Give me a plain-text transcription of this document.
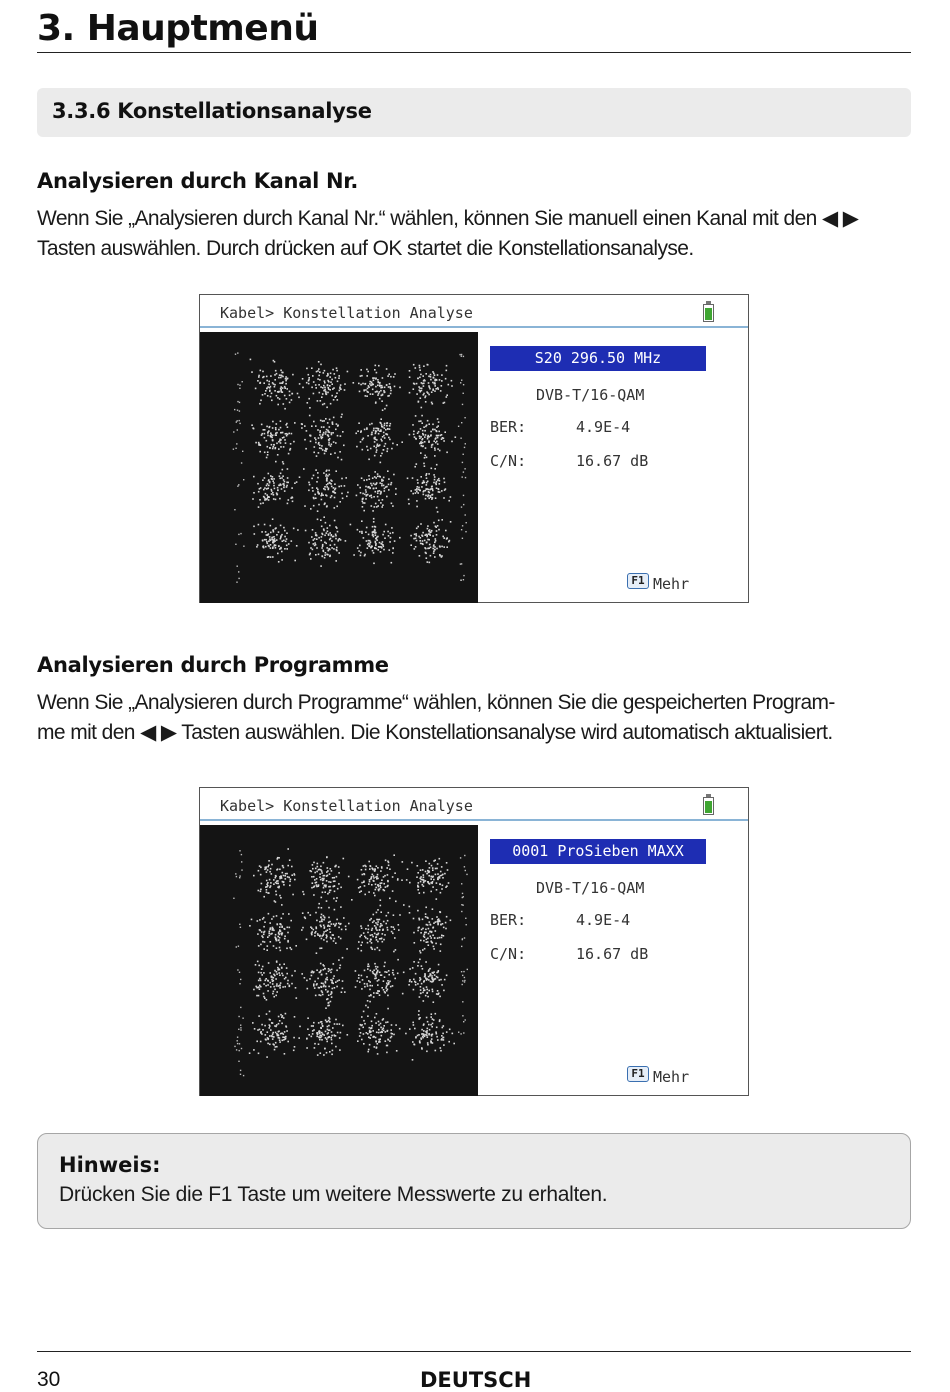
3. Hauptmenü
3.3.6 Konstellationsanalyse
Analysieren durch Kanal Nr.
Wenn Sie „Analysieren durch Kanal Nr.“ wählen, können Sie manuell einen Kanal mit den ◀ ▶
Tasten auswählen. Durch drücken auf OK startet die Konstellationsanalyse.
Kabel> Konstellation Analyse
S20 296.50 MHz
DVB-T/16-QAM
BER:	4.9E-4
C/N:	16.67 dB
F1 Mehr
Analysieren durch Programme
Wenn Sie „Analysieren durch Programme“ wählen, können Sie die gespeicherten Program-
me mit den ◀ ▶ Tasten auswählen. Die Konstellationsanalyse wird automatisch aktualisiert.
Kabel> Konstellation Analyse
0001 ProSieben MAXX
DVB-T/16-QAM
BER:	4.9E-4
C/N:	16.67 dB
F1 Mehr
Hinweis:
Drücken Sie die F1 Taste um weitere Messwerte zu erhalten.
30	DEUTSCH
